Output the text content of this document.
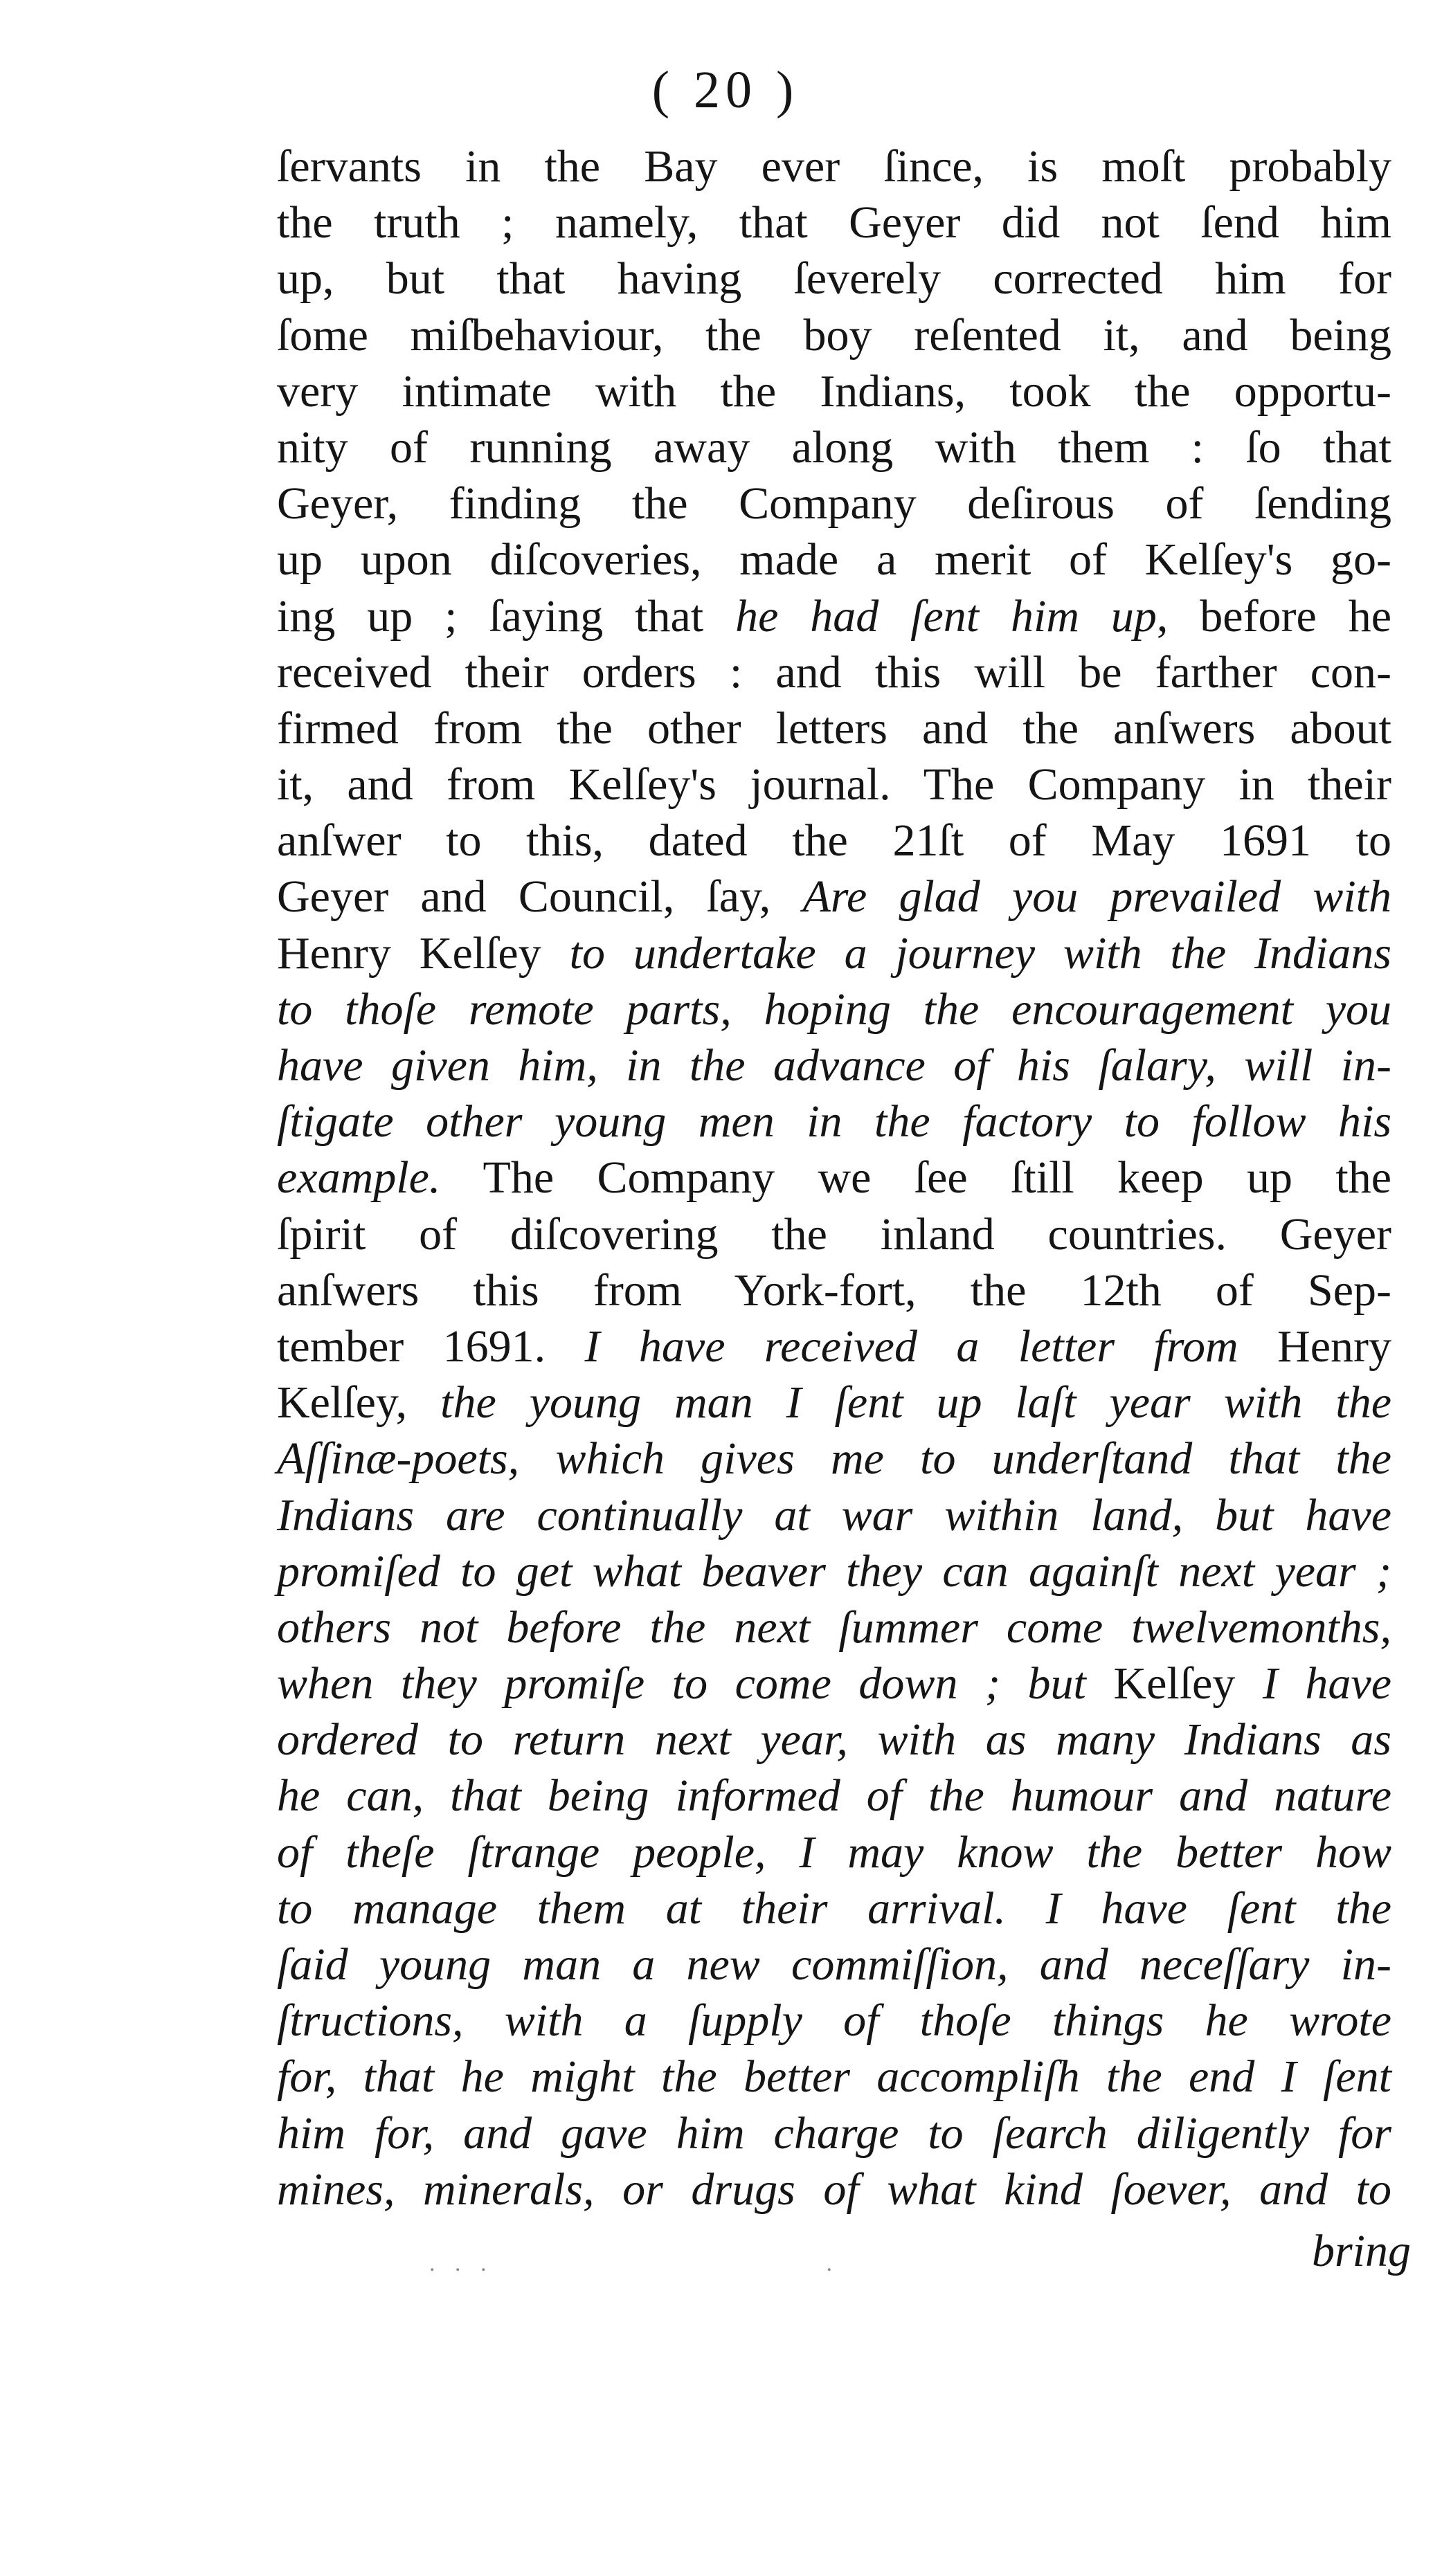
( 20 )
ſervants in the Bay ever ſince, is moſt probably
the truth ; namely, that Geyer did not ſend him
up, but that having ſeverely corrected him for
ſome miſbehaviour, the boy reſented it, and being
very intimate with the Indians, took the opportu-
nity of running away along with them : ſo that
Geyer, finding the Company deſirous of ſending
up upon diſcoveries, made a merit of Kelſey's go-
ing up ; ſaying that he had ſent him up, before he
received their orders : and this will be farther con-
firmed from the other letters and the anſwers about
it, and from Kelſey's journal. The Company in their
anſwer to this, dated the 21ſt of May 1691 to
Geyer and Council, ſay, Are glad you prevailed with
Henry Kelſey to undertake a journey with the Indians
to thoſe remote parts, hoping the encouragement you
have given him, in the advance of his ſalary, will in-
ſtigate other young men in the factory to follow his
example. The Company we ſee ſtill keep up the
ſpirit of diſcovering the inland countries. Geyer
anſwers this from York-fort, the 12th of Sep-
tember 1691. I have received a letter from Henry
Kelſey, the young man I ſent up laſt year with the
Aſſinæ-poets, which gives me to underſtand that the
Indians are continually at war within land, but have
promiſed to get what beaver they can againſt next year ;
others not before the next ſummer come twelvemonths,
when they promiſe to come down ; but Kelſey I have
ordered to return next year, with as many Indians as
he can, that being informed of the humour and nature
of theſe ſtrange people, I may know the better how
to manage them at their arrival. I have ſent the
ſaid young man a new commiſſion, and neceſſary in-
ſtructions, with a ſupply of thoſe things he wrote
for, that he might the better accompliſh the end I ſent
him for, and gave him charge to ſearch diligently for
mines, minerals, or drugs of what kind ſoever, and to
. . .                          .	bring
